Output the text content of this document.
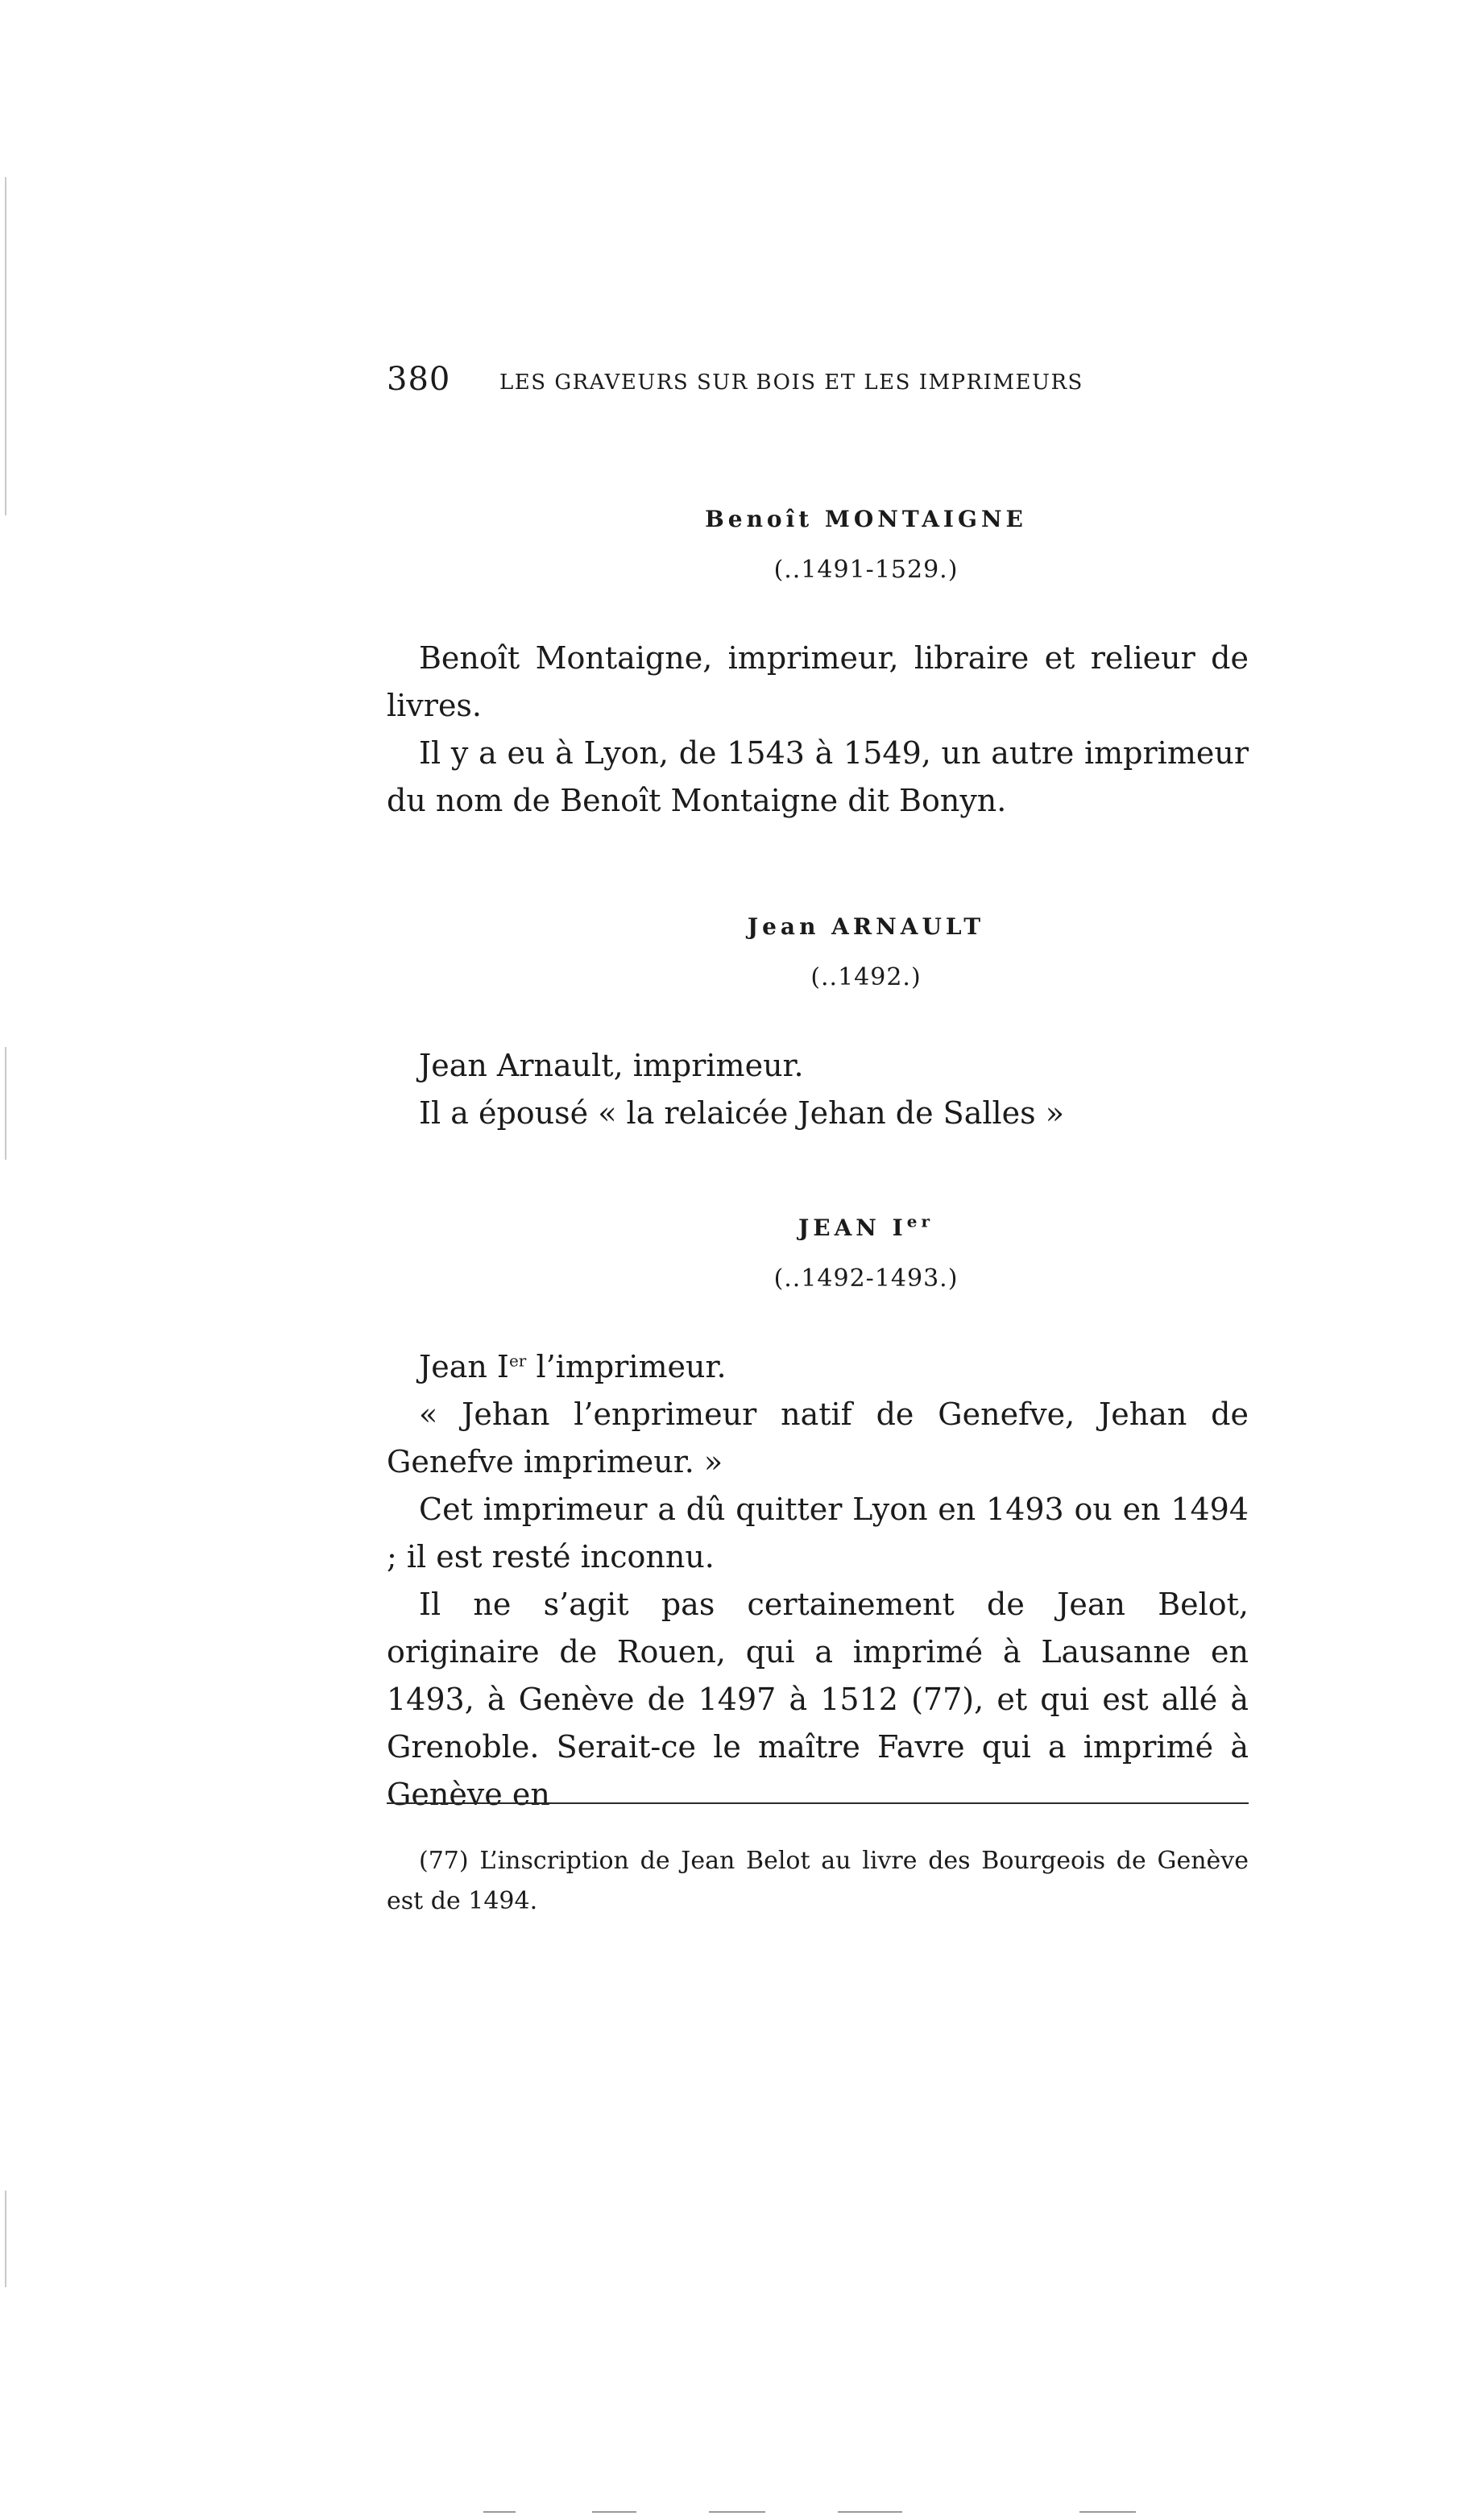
380 LES GRAVEURS SUR BOIS ET LES IMPRIMEURS
Benoît MONTAIGNE
(..1491-1529.)

Benoît Montaigne, imprimeur, libraire et relieur de livres.

Il y a eu à Lyon, de 1543 à 1549, un autre imprimeur du nom de Benoît Montaigne dit Bonyn.

Jean ARNAULT
(..1492.)

Jean Arnault, imprimeur.

Il a épousé « la relaicée Jehan de Salles »

JEAN Ier
(..1492-1493.)

Jean Ier l’imprimeur.

« Jehan l’enprimeur natif de Genefve, Jehan de Genefve imprimeur. »

Cet imprimeur a dû quitter Lyon en 1493 ou en 1494 ; il est resté inconnu.

Il ne s’agit pas certainement de Jean Belot, originaire de Rouen, qui a imprimé à Lausanne en 1493, à Genève de 1497 à 1512 (77), et qui est allé à Grenoble. Serait-ce le maître Favre qui a imprimé à Genève en

(77) L’inscription de Jean Belot au livre des Bourgeois de Genève est de 1494.
